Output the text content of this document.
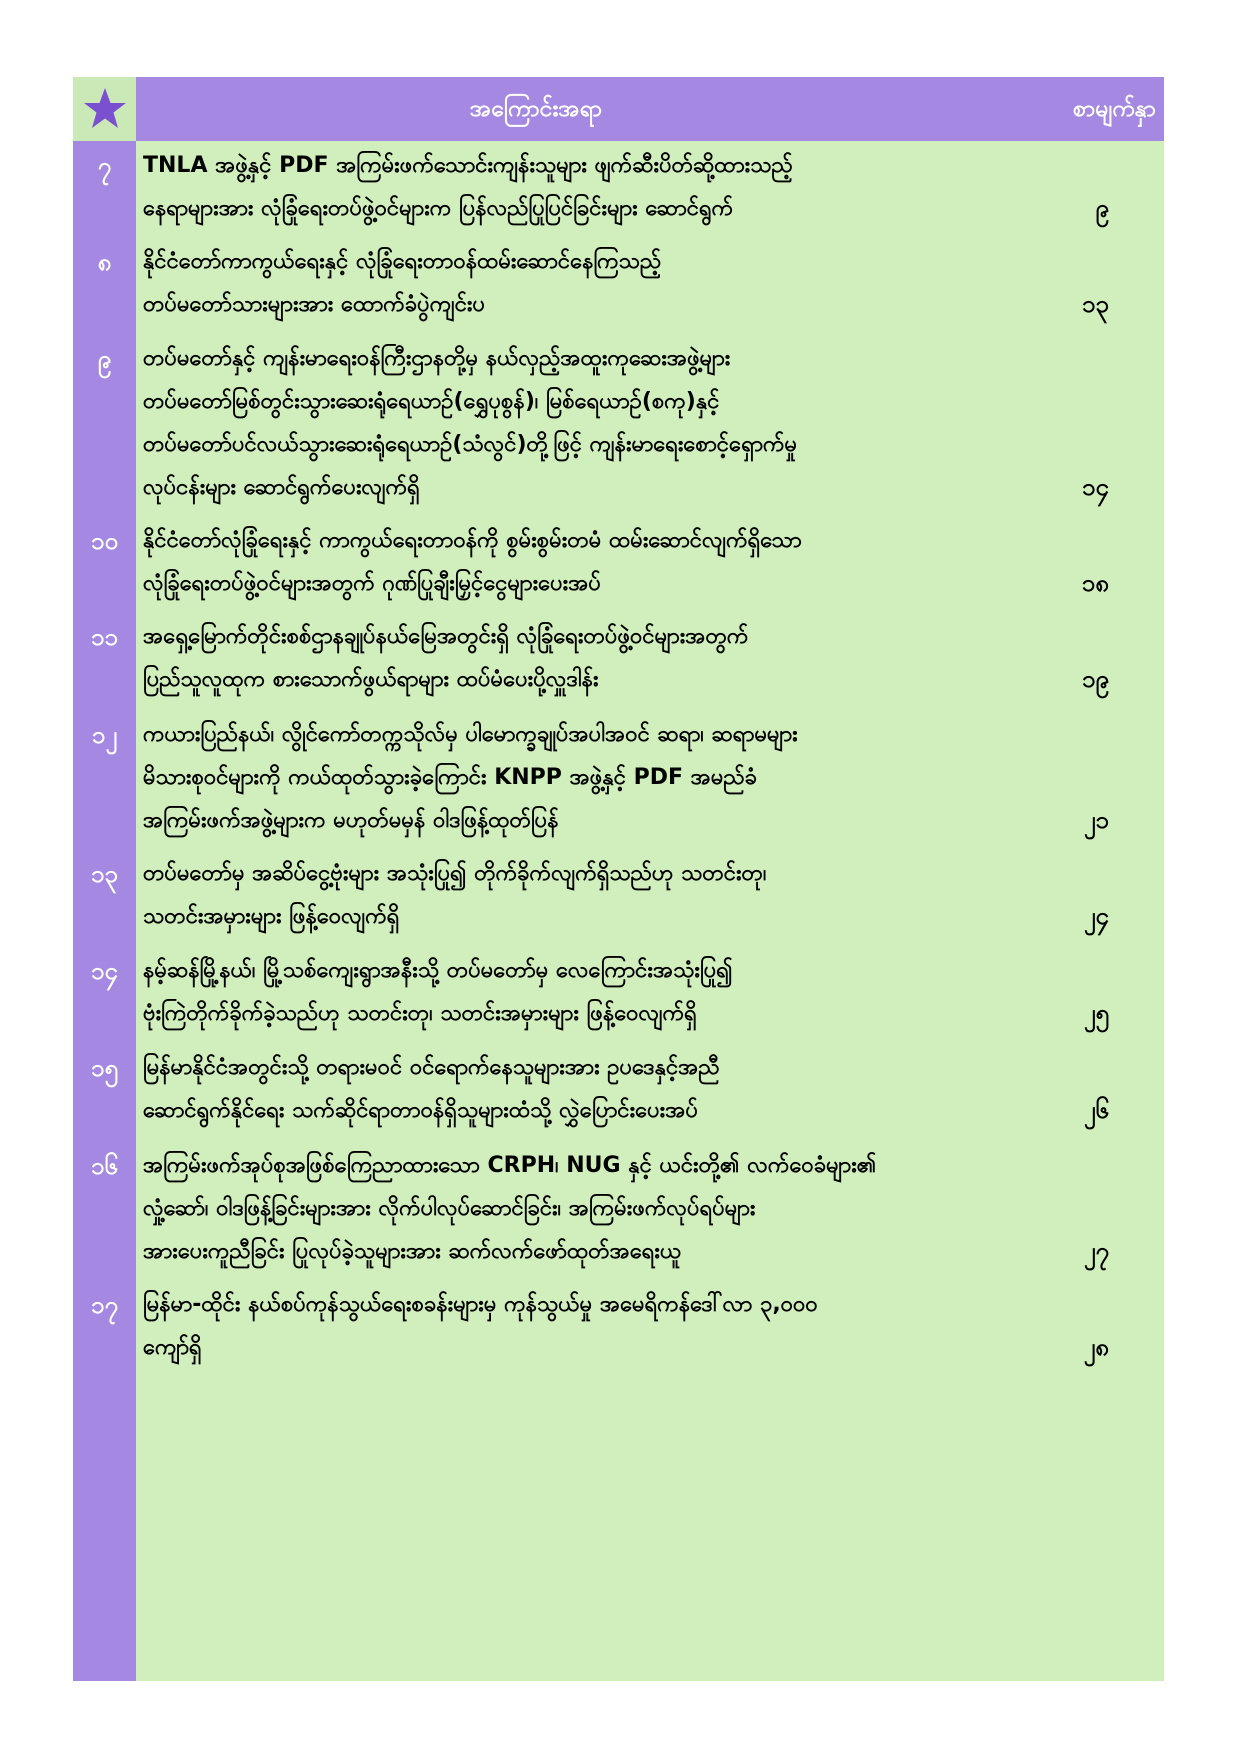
အကြောင်းအရာ	စာမျက်နှာ
၇	TNLA အဖွဲ့နှင့် PDF အကြမ်းဖက်သောင်းကျန်းသူများ ဖျက်ဆီးပိတ်ဆို့ထားသည့်
နေရာများအား လုံခြုံရေးတပ်ဖွဲ့ဝင်များက ပြန်လည်ပြုပြင်ခြင်းများ ဆောင်ရွက်	၉
၈	နိုင်ငံတော်ကာကွယ်ရေးနှင့် လုံခြုံရေးတာဝန်ထမ်းဆောင်နေကြသည့်
တပ်မတော်သားများအား ထောက်ခံပွဲကျင်းပ	၁၃
၉	တပ်မတော်နှင့် ကျန်းမာရေးဝန်ကြီးဌာနတို့မှ နယ်လှည့်အထူးကုဆေးအဖွဲ့များ
တပ်မတော်မြစ်တွင်းသွားဆေးရုံရေယာဉ်(ရွှေပုစွန်)၊ မြစ်ရေယာဉ်(စကု)နှင့်
တပ်မတော်ပင်လယ်သွားဆေးရုံရေယာဉ်(သံလွင်)တို့ဖြင့် ကျန်းမာရေးစောင့်ရှောက်မှု
လုပ်ငန်းများ ဆောင်ရွက်ပေးလျက်ရှိ	၁၄
၁၀	နိုင်ငံတော်လုံခြုံရေးနှင့် ကာကွယ်ရေးတာဝန်ကို စွမ်းစွမ်းတမံ ထမ်းဆောင်လျက်ရှိသော
လုံခြုံရေးတပ်ဖွဲ့ဝင်များအတွက် ဂုဏ်ပြုချီးမြှင့်ငွေများပေးအပ်	၁၈
၁၁	အရှေ့မြောက်တိုင်းစစ်ဌာနချုပ်နယ်မြေအတွင်းရှိ လုံခြုံရေးတပ်ဖွဲ့ဝင်များအတွက်
ပြည်သူလူထုက စားသောက်ဖွယ်ရာများ ထပ်မံပေးပို့လှူဒါန်း	၁၉
၁၂	ကယားပြည်နယ်၊ လွိုင်ကော်တက္ကသိုလ်မှ ပါမောက္ခချုပ်အပါအဝင် ဆရာ၊ ဆရာမများ
မိသားစုဝင်များကို ကယ်ထုတ်သွားခဲ့ကြောင်း KNPP အဖွဲ့နှင့် PDF အမည်ခံ
အကြမ်းဖက်အဖွဲ့များက မဟုတ်မမှန် ဝါဒဖြန့်ထုတ်ပြန်	၂၁
၁၃	တပ်မတော်မှ အဆိပ်ငွေ့ဗုံးများ အသုံးပြု၍ တိုက်ခိုက်လျက်ရှိသည်ဟု သတင်းတု၊
သတင်းအမှားများ ဖြန့်ဝေလျက်ရှိ	၂၄
၁၄	နမ့်ဆန်မြို့နယ်၊ မြို့သစ်ကျေးရွာအနီးသို့ တပ်မတော်မှ လေကြောင်းအသုံးပြု၍
ဗုံးကြဲတိုက်ခိုက်ခဲ့သည်ဟု သတင်းတု၊ သတင်းအမှားများ ဖြန့်ဝေလျက်ရှိ	၂၅
၁၅	မြန်မာနိုင်ငံအတွင်းသို့ တရားမဝင် ဝင်ရောက်နေသူများအား ဥပဒေနှင့်အညီ
ဆောင်ရွက်နိုင်ရေး သက်ဆိုင်ရာတာဝန်ရှိသူများထံသို့ လွှဲပြောင်းပေးအပ်	၂၆
၁၆	အကြမ်းဖက်အုပ်စုအဖြစ်ကြေညာထားသော CRPH၊ NUG နှင့် ယင်းတို့၏ လက်ဝေခံများ၏
လှုံ့ဆော်၊ ဝါဒဖြန့်ခြင်းများအား လိုက်ပါလုပ်ဆောင်ခြင်း၊ အကြမ်းဖက်လုပ်ရပ်များ
အားပေးကူညီခြင်း ပြုလုပ်ခဲ့သူများအား ဆက်လက်ဖော်ထုတ်အရေးယူ	၂၇
၁၇	မြန်မာ-ထိုင်း နယ်စပ်ကုန်သွယ်ရေးစခန်းများမှ ကုန်သွယ်မှု အမေရိကန်ဒေါ်လာ ၃,၀၀၀
ကျော်ရှိ	၂၈
